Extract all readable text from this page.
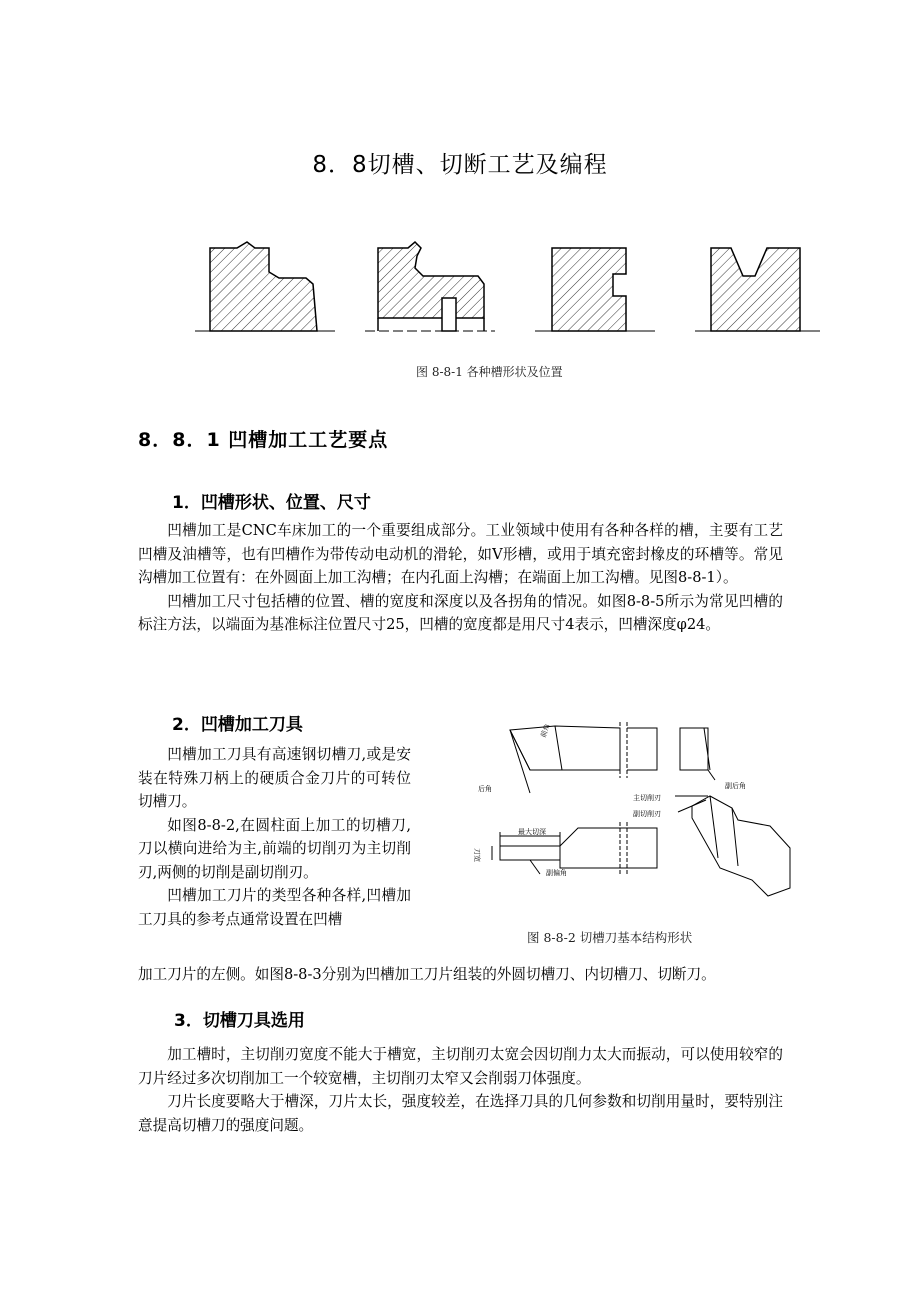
8．8切槽、切断工艺及编程
图 8-8-1 各种槽形状及位置
8．8．1 凹槽加工工艺要点
1．凹槽形状、位置、尺寸

凹槽加工是CNC车床加工的一个重要组成部分。工业领域中使用有各种各样的槽，主要有工艺凹槽及油槽等，也有凹槽作为带传动电动机的滑轮，如V形槽，或用于填充密封橡皮的环槽等。常见沟槽加工位置有：在外圆面上加工沟槽；在内孔面上沟槽；在端面上加工沟槽。见图8-8-1）。

凹槽加工尺寸包括槽的位置、槽的宽度和深度以及各拐角的情况。如图8-8-5所示为常见凹槽的标注方法，以端面为基准标注位置尺寸25，凹槽的宽度都是用尺寸4表示，凹槽深度φ24。

2．凹槽加工刀具

凹槽加工刀具有高速钢切槽刀,或是安装在特殊刀柄上的硬质合金刀片的可转位切槽刀。

如图8-8-2,在圆柱面上加工的切槽刀,刀以横向进给为主,前端的切削刃为主切削刃,两侧的切削是副切削刃。

凹槽加工刀片的类型各种各样,凹槽加工刀具的参考点通常设置在凹槽

加工刀片的左侧。如图8-8-3分别为凹槽加工刀片组装的外圆切槽刀、内切槽刀、切断刀。
前角
后角	副后角
主切削刃
副切削刃
最大切深
刀宽
副偏角
图 8-8-2 切槽刀基本结构形状
3．切槽刀具选用

加工槽时，主切削刃宽度不能大于槽宽，主切削刃太宽会因切削力太大而振动，可以使用较窄的刀片经过多次切削加工一个较宽槽，主切削刃太窄又会削弱刀体强度。

刀片长度要略大于槽深，刀片太长，强度较差，在选择刀具的几何参数和切削用量时，要特别注意提高切槽刀的强度问题。
